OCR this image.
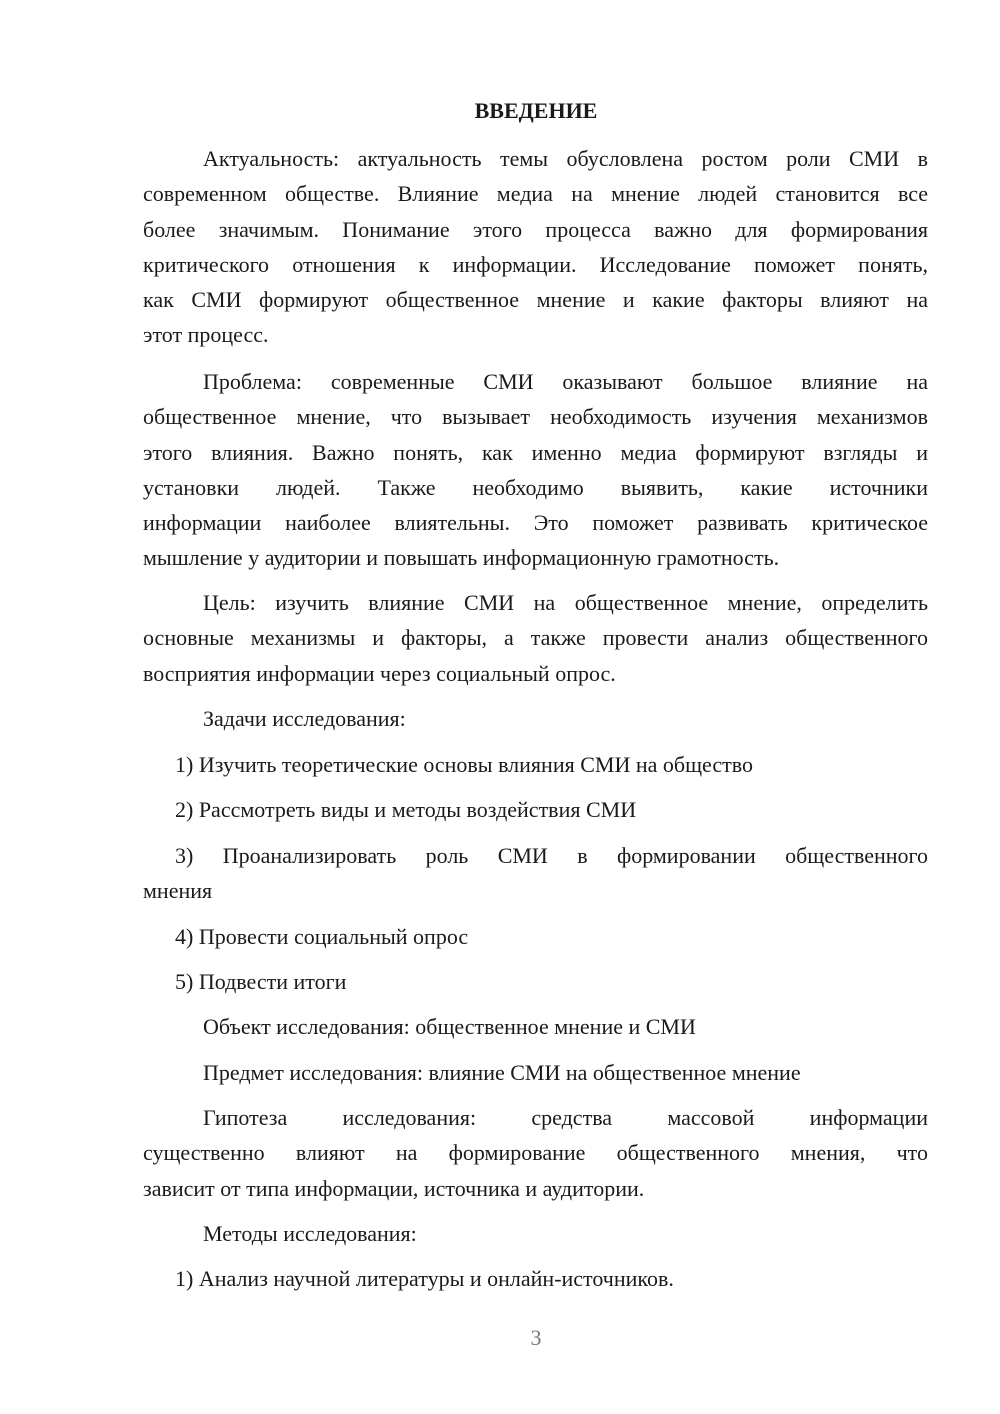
ВВЕДЕНИЕ
Актуальность: актуальность темы обусловлена ростом роли СМИ в
современном обществе. Влияние медиа на мнение людей становится все
более значимым. Понимание этого процесса важно для формирования
критического отношения к информации. Исследование поможет понять,
как СМИ формируют общественное мнение и какие факторы влияют на
этот процесс.
Проблема: современные СМИ оказывают большое влияние на
общественное мнение, что вызывает необходимость изучения механизмов
этого влияния. Важно понять, как именно медиа формируют взгляды и
установки людей. Также необходимо выявить, какие источники
информации наиболее влиятельны. Это поможет развивать критическое
мышление у аудитории и повышать информационную грамотность.
Цель: изучить влияние СМИ на общественное мнение, определить
основные механизмы и факторы, а также провести анализ общественного
восприятия информации через социальный опрос.
Задачи исследования:
1) Изучить теоретические основы влияния СМИ на общество
2) Рассмотреть виды и методы воздействия СМИ
3) Проанализировать роль СМИ в формировании общественного
мнения
4) Провести социальный опрос
5) Подвести итоги
Объект исследования: общественное мнение и СМИ
Предмет исследования: влияние СМИ на общественное мнение
Гипотеза исследования: средства массовой информации
существенно влияют на формирование общественного мнения, что
зависит от типа информации, источника и аудитории.
Методы исследования:
1) Анализ научной литературы и онлайн-источников.
3
